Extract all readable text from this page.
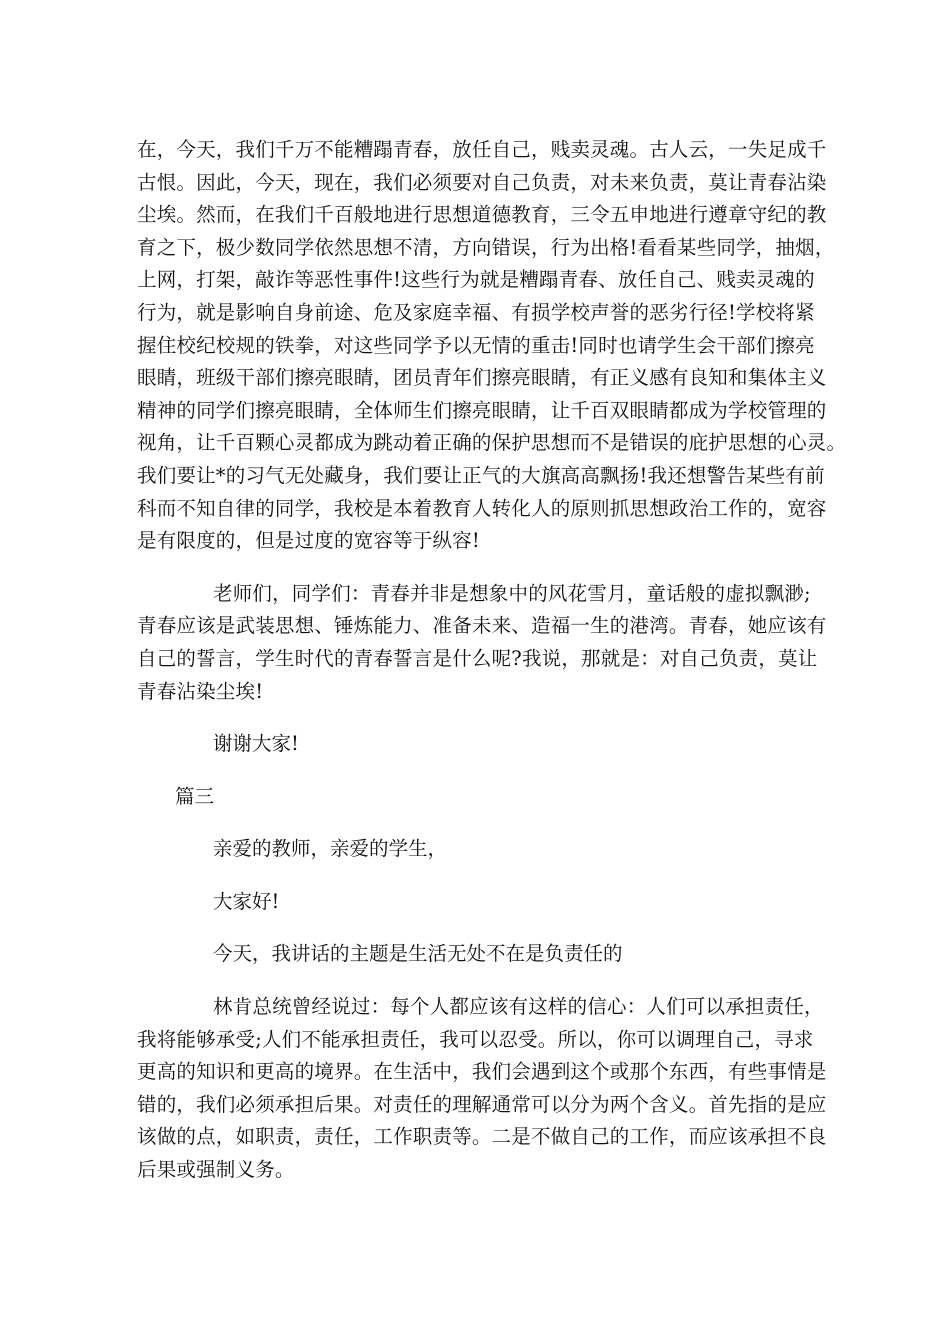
在，今天，我们千万不能糟蹋青春，放任自己，贱卖灵魂。古人云，一失足成千
古恨。因此，今天，现在，我们必须要对自己负责，对未来负责，莫让青春沾染
尘埃。然而，在我们千百般地进行思想道德教育，三令五申地进行遵章守纪的教
育之下，极少数同学依然思想不清，方向错误，行为出格!看看某些同学，抽烟，
上网，打架，敲诈等恶性事件!这些行为就是糟蹋青春、放任自己、贱卖灵魂的
行为，就是影响自身前途、危及家庭幸福、有损学校声誉的恶劣行径!学校将紧
握住校纪校规的铁拳，对这些同学予以无情的重击!同时也请学生会干部们擦亮
眼睛，班级干部们擦亮眼睛，团员青年们擦亮眼睛，有正义感有良知和集体主义
精神的同学们擦亮眼睛，全体师生们擦亮眼睛，让千百双眼睛都成为学校管理的
视角，让千百颗心灵都成为跳动着正确的保护思想而不是错误的庇护思想的心灵。
我们要让*的习气无处藏身，我们要让正气的大旗高高飘扬!我还想警告某些有前
科而不知自律的同学，我校是本着教育人转化人的原则抓思想政治工作的，宽容
是有限度的，但是过度的宽容等于纵容!

老师们，同学们：青春并非是想象中的风花雪月，童话般的虚拟飘渺;
青春应该是武装思想、锤炼能力、准备未来、造福一生的港湾。青春，她应该有
自己的誓言，学生时代的青春誓言是什么呢?我说，那就是：对自己负责，莫让
青春沾染尘埃!

谢谢大家!

篇三

亲爱的教师，亲爱的学生，

大家好!

今天，我讲话的主题是生活无处不在是负责任的

林肯总统曾经说过：每个人都应该有这样的信心：人们可以承担责任，
我将能够承受;人们不能承担责任，我可以忍受。所以，你可以调理自己，寻求
更高的知识和更高的境界。在生活中，我们会遇到这个或那个东西，有些事情是
错的，我们必须承担后果。对责任的理解通常可以分为两个含义。首先指的是应
该做的点，如职责，责任，工作职责等。二是不做自己的工作，而应该承担不良
后果或强制义务。
